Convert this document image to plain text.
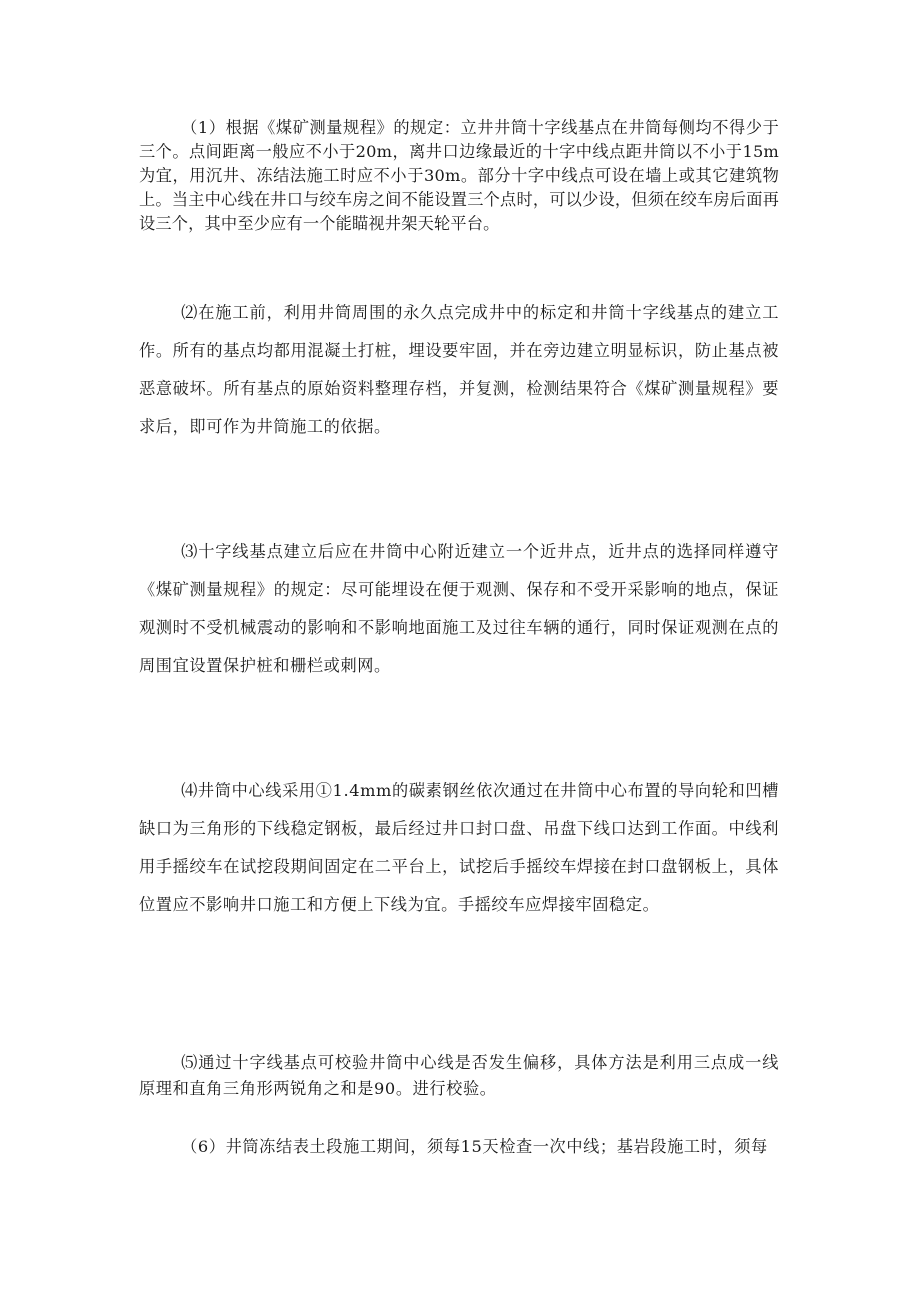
（1）根据《煤矿测量规程》的规定：立井井筒十字线基点在井筒每侧均不得少于三个。点间距离一般应不小于20m，离井口边缘最近的十字中线点距井筒以不小于15m为宜，用沉井、冻结法施工时应不小于30m。部分十字中线点可设在墙上或其它建筑物上。当主中心线在井口与绞车房之间不能设置三个点时，可以少设，但须在绞车房后面再设三个，其中至少应有一个能瞄视井架天轮平台。

⑵在施工前，利用井筒周围的永久点完成井中的标定和井筒十字线基点的建立工作。所有的基点均都用混凝土打桩，埋设要牢固，并在旁边建立明显标识，防止基点被恶意破坏。所有基点的原始资料整理存档，并复测，检测结果符合《煤矿测量规程》要求后，即可作为井筒施工的依据。

⑶十字线基点建立后应在井筒中心附近建立一个近井点，近井点的选择同样遵守《煤矿测量规程》的规定：尽可能埋设在便于观测、保存和不受开采影响的地点，保证观测时不受机械震动的影响和不影响地面施工及过往车辆的通行，同时保证观测在点的周围宜设置保护桩和栅栏或刺网。

⑷井筒中心线采用①1.4mm的碳素钢丝依次通过在井筒中心布置的导向轮和凹槽缺口为三角形的下线稳定钢板，最后经过井口封口盘、吊盘下线口达到工作面。中线利用手摇绞车在试挖段期间固定在二平台上，试挖后手摇绞车焊接在封口盘钢板上，具体位置应不影响井口施工和方便上下线为宜。手摇绞车应焊接牢固稳定。

⑸通过十字线基点可校验井筒中心线是否发生偏移，具体方法是利用三点成一线原理和直角三角形两锐角之和是90。进行校验。

（6）井筒冻结表土段施工期间，须每15天检查一次中线；基岩段施工时，须每
